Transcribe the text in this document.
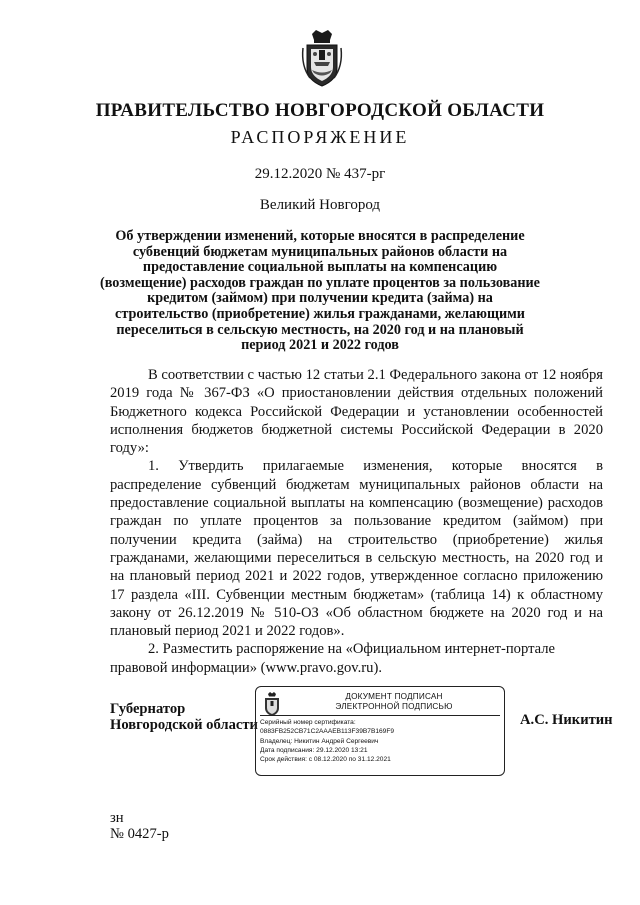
ПРАВИТЕЛЬСТВО НОВГОРОДСКОЙ ОБЛАСТИ
РАСПОРЯЖЕНИЕ
29.12.2020 № 437-рг
Великий Новгород
Об утверждении изменений, которые вносятся в распределение субвенций бюджетам муниципальных районов области на предоставление социальной выплаты на компенсацию (возмещение) расходов граждан по уплате процентов за пользование кредитом (займом) при получении кредита (займа) на строительство (приобретение) жилья гражданами, желающими переселиться в сельскую местность, на 2020 год и на плановый период 2021 и 2022 годов

В соответствии с частью 12 статьи 2.1 Федерального закона от 12 ноября 2019 года № 367-ФЗ «О приостановлении действия отдельных положений Бюджетного кодекса Российской Федерации и установлении особенностей исполнения бюджетов бюджетной системы Российской Федерации в 2020 году»:

1. Утвердить прилагаемые изменения, которые вносятся в распределение субвенций бюджетам муниципальных районов области на предоставление социальной выплаты на компенсацию (возмещение) расходов граждан по уплате процентов за пользование кредитом (займом) при получении кредита (займа) на строительство (приобретение) жилья гражданами, желающими переселиться в сельскую местность, на 2020 год и на плановый период 2021 и 2022 годов, утвержденное согласно приложению 17 раздела «III. Субвенции местным бюджетам» (таблица 14) к областному закону от 26.12.2019 № 510-ОЗ «Об областном бюджете на 2020 год и на плановый период 2021 и 2022 годов».

2. Разместить распоряжение на «Официальном интернет-портале правовой информации» (www.pravo.gov.ru).

Губернатор
Новгородской области
ДОКУМЕНТ ПОДПИСАН
ЭЛЕКТРОННОЙ ПОДПИСЬЮ
Серийный номер сертификата:
0883FB252CB71C2AAAEB113F39B7B169F9
Владелец: Никитин Андрей Сергеевич
Дата подписания: 29.12.2020 13:21
Срок действия: с 08.12.2020 по 31.12.2021
А.С. Никитин
зн
№ 0427-р
